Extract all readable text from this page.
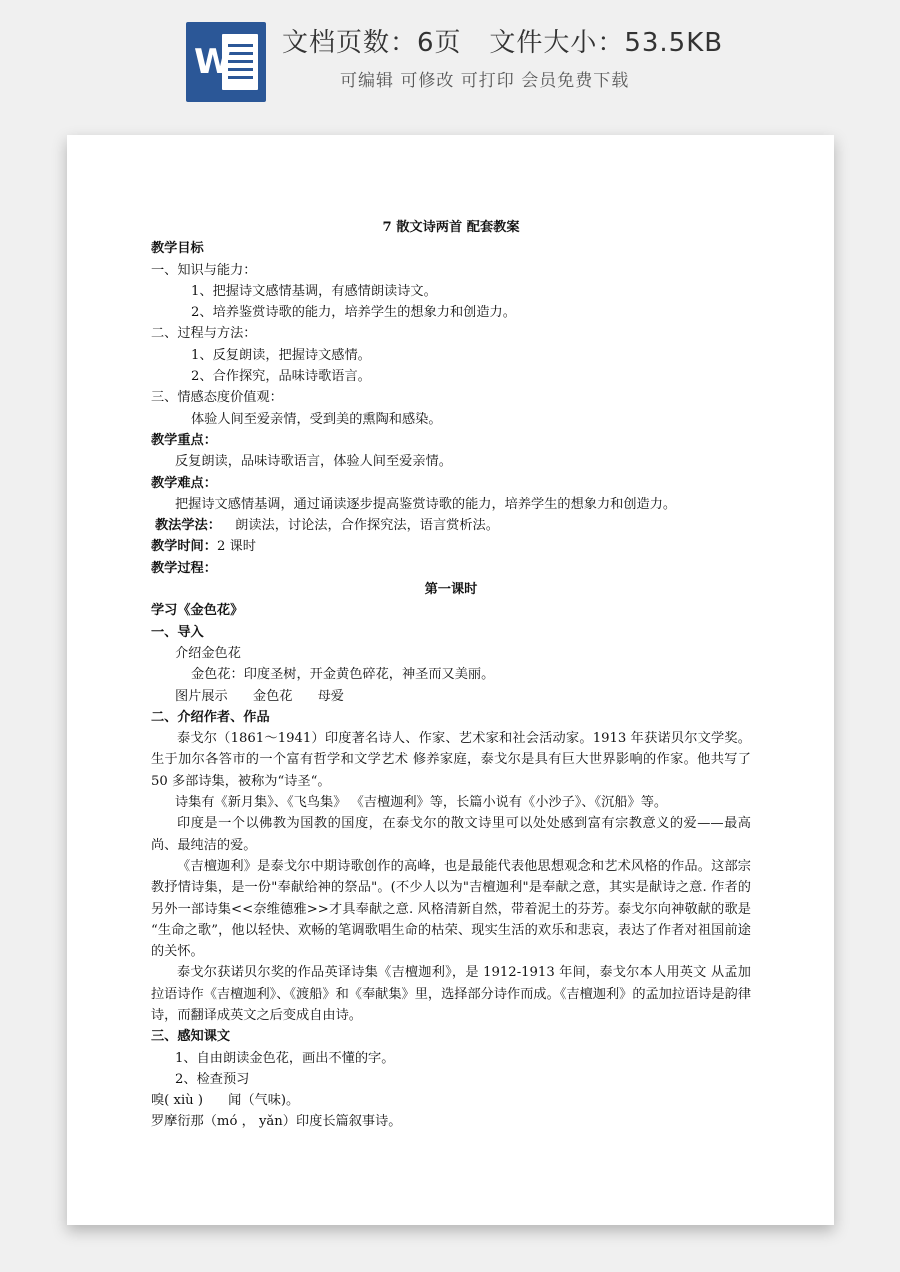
W 文档页数：6页   文件大小：53.5KB
可编辑 可修改 可打印 会员免费下载
7 散文诗两首 配套教案
教学目标
一、知识与能力：
1、把握诗文感情基调，有感情朗读诗文。
2、培养鉴赏诗歌的能力，培养学生的想象力和创造力。
二、过程与方法：
1、反复朗读，把握诗文感情。
2、合作探究，品味诗歌语言。
三、情感态度价值观：
体验人间至爱亲情，受到美的熏陶和感染。
教学重点：
反复朗读，品味诗歌语言，体验人间至爱亲情。
教学难点：
把握诗文感情基调，通过诵读逐步提高鉴赏诗歌的能力，培养学生的想象力和创造力。
教法学法： 朗读法，讨论法，合作探究法，语言赏析法。
教学时间：2 课时
教学过程：
第一课时
学习《金色花》
一、导入
介绍金色花
金色花：印度圣树，开金黄色碎花，神圣而又美丽。
图片展示      金色花      母爱
二、介绍作者、作品
泰戈尔（1861～1941）印度著名诗人、作家、艺术家和社会活动家。1913 年获诺贝尔文学奖。生于加尔各答市的一个富有哲学和文学艺术 修养家庭，泰戈尔是具有巨大世界影响的作家。他共写了 50 多部诗集，被称为“诗圣“。
诗集有《新月集》、《飞鸟集》 《吉檀迦利》等，长篇小说有《小沙子》、《沉船》等。
印度是一个以佛教为国教的国度，在泰戈尔的散文诗里可以处处感到富有宗教意义的爱——最高尚、最纯洁的爱。
《吉檀迦利》是泰戈尔中期诗歌创作的高峰，也是最能代表他思想观念和艺术风格的作品。这部宗教抒情诗集，是一份"奉献给神的祭品"。(不少人以为"吉檀迦利"是奉献之意，其实是献诗之意. 作者的另外一部诗集<<奈维德雅>>才具奉献之意. 风格清新自然，带着泥土的芬芳。泰戈尔向神敬献的歌是 “生命之歌”，他以轻快、欢畅的笔调歌唱生命的枯荣、现实生活的欢乐和悲哀，表达了作者对祖国前途的关怀。
泰戈尔获诺贝尔奖的作品英译诗集《吉檀迦利》，是 1912-1913 年间，泰戈尔本人用英文 从孟加拉语诗作《吉檀迦利》、《渡船》和《奉献集》里，选择部分诗作而成。《吉檀迦利》的孟加拉语诗是韵律诗，而翻译成英文之后变成自由诗。
三、感知课文
1、自由朗读金色花，画出不懂的字。
2、检查预习
嗅( xiù )      闻（气味)。
罗摩衍那（mó ， yǎn）印度长篇叙事诗。
